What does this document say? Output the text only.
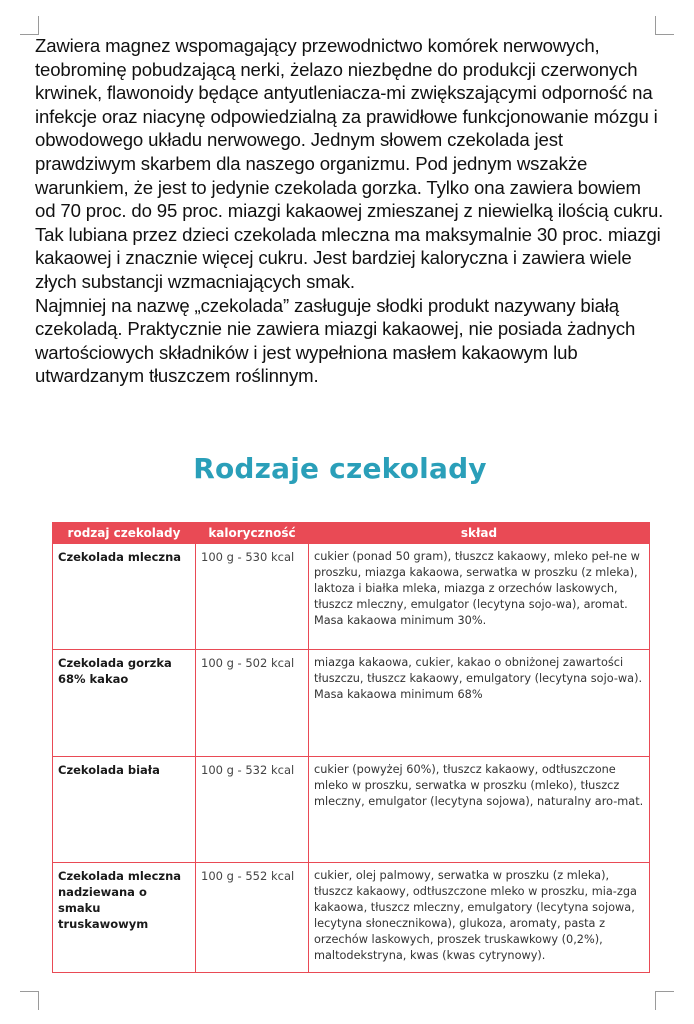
Zawiera magnez wspomagający przewodnictwo komórek nerwowych, teobrominę pobudzającą nerki, żelazo niezbędne do produkcji czerwonych krwinek, flawonoidy będące antyutleniacza-mi zwiększającymi odporność na infekcje oraz niacynę odpowiedzialną za prawidłowe funkcjonowanie mózgu i obwodowego układu nerwowego. Jednym słowem czekolada jest prawdziwym skarbem dla naszego organizmu. Pod jednym wszakże warunkiem, że jest to jedynie czekolada gorzka. Tylko ona zawiera bowiem od 70 proc. do 95 proc. miazgi kakaowej zmieszanej z niewielką ilością cukru. Tak lubiana przez dzieci czekolada mleczna ma maksymalnie 30 proc. miazgi kakaowej i znacznie więcej cukru. Jest bardziej kaloryczna i zawiera wiele złych substancji wzmacniających smak.

Najmniej na nazwę „czekolada” zasługuje słodki produkt nazywany białą czekoladą. Praktycznie nie zawiera miazgi kakaowej, nie posiada żadnych wartościowych składników i jest wypełniona masłem kakaowym lub utwardzanym tłuszczem roślinnym.

Rodzaje czekolady
rodzaj czekolady	kaloryczność	skład
Czekolada mleczna	100 g - 530 kcal	cukier (ponad 50 gram), tłuszcz kakaowy, mleko peł-ne w proszku, miazga kakaowa, serwatka w proszku (z mleka), laktoza i białka mleka, miazga z orzechów laskowych, tłuszcz mleczny, emulgator (lecytyna sojo-wa), aromat. Masa kakaowa minimum 30%.
Czekolada gorzka 68% kakao	100 g - 502 kcal	miazga kakaowa, cukier, kakao o obniżonej zawartości tłuszczu, tłuszcz kakaowy, emulgatory (lecytyna sojo-wa). Masa kakaowa minimum 68%
Czekolada biała	100 g - 532 kcal	cukier (powyżej 60%), tłuszcz kakaowy, odtłuszczone mleko w proszku, serwatka w proszku (mleko), tłuszcz mleczny, emulgator (lecytyna sojowa), naturalny aro-mat.
Czekolada mleczna nadziewana o smaku truskawowym	100 g - 552 kcal	cukier, olej palmowy, serwatka w proszku (z mleka), tłuszcz kakaowy, odtłuszczone mleko w proszku, mia-zga kakaowa, tłuszcz mleczny, emulgatory (lecytyna sojowa, lecytyna słonecznikowa), glukoza, aromaty, pasta z orzechów laskowych, proszek truskawkowy (0,2%), maltodekstryna, kwas (kwas cytrynowy).
